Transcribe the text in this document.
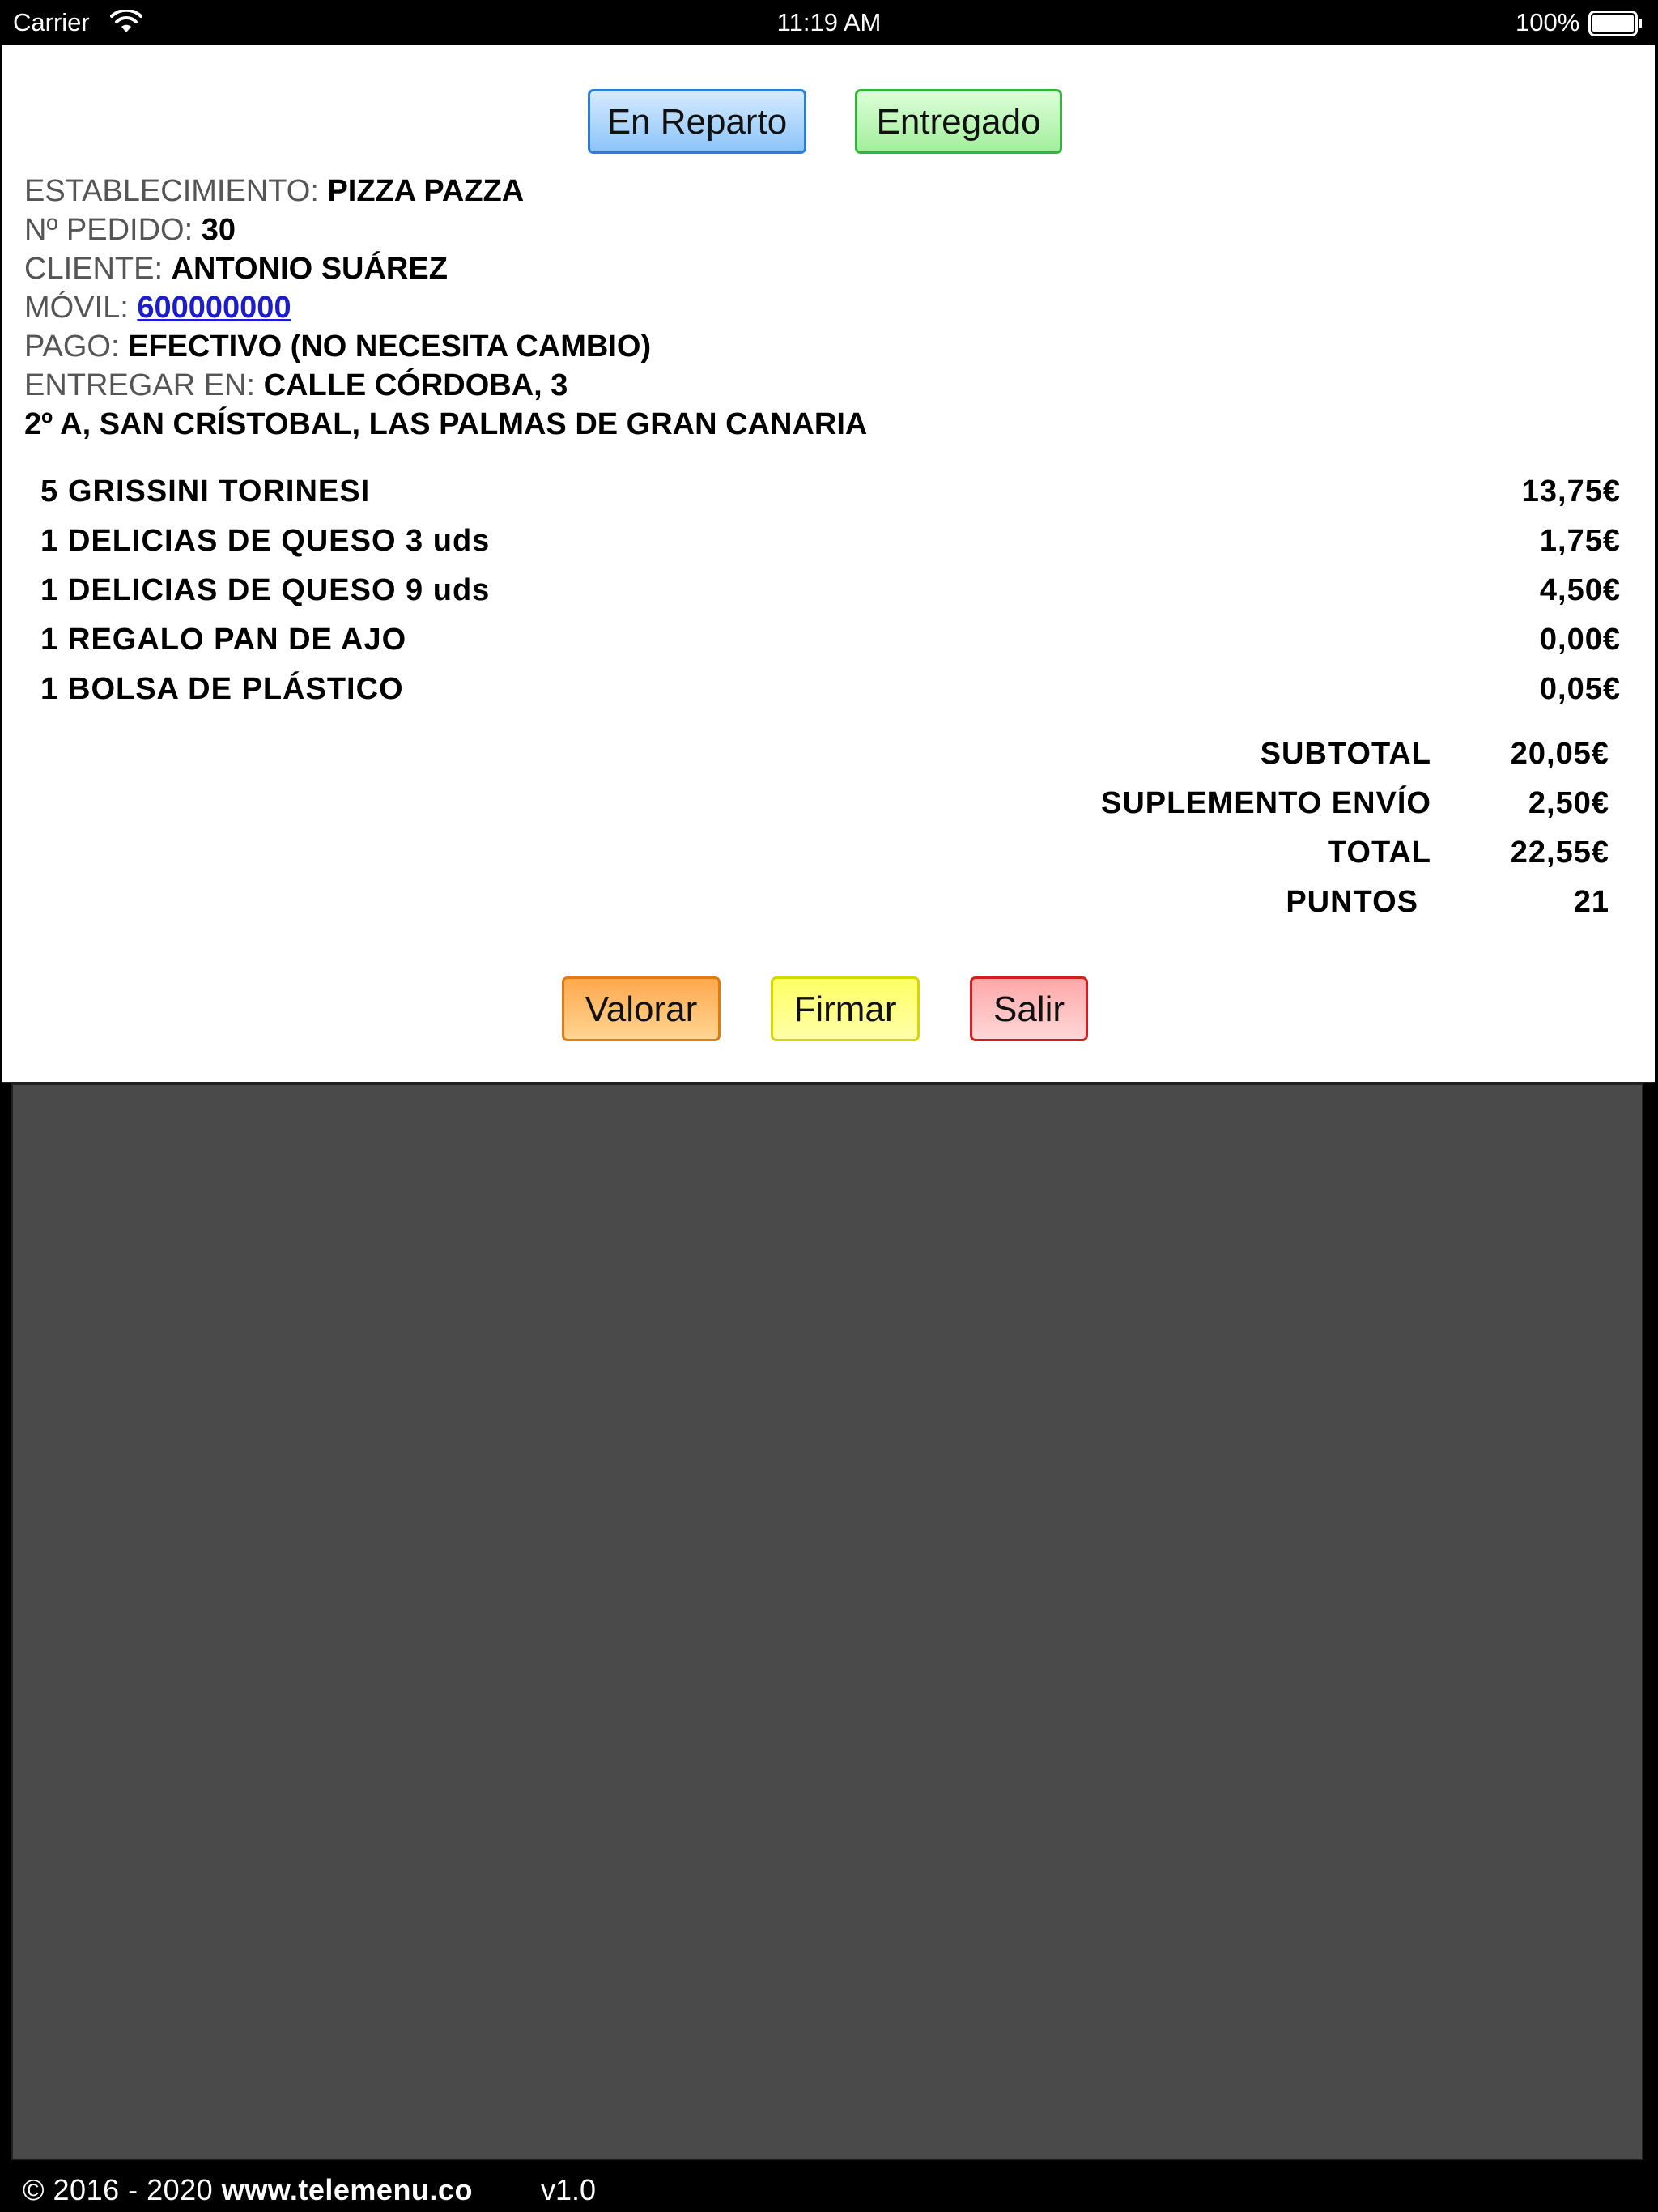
Carrier	11:19 AM	100%
En Reparto	Entregado
ESTABLECIMIENTO: PIZZA PAZZA
Nº PEDIDO: 30
CLIENTE: ANTONIO SUÁREZ
MÓVIL: 600000000
PAGO: EFECTIVO (NO NECESITA CAMBIO)
ENTREGAR EN: CALLE CÓRDOBA, 3
2º A, SAN CRÍSTOBAL, LAS PALMAS DE GRAN CANARIA
5 GRISSINI TORINESI	13,75€
1 DELICIAS DE QUESO 3 uds	1,75€
1 DELICIAS DE QUESO 9 uds	4,50€
1 REGALO PAN DE AJO	0,00€
1 BOLSA DE PLÁSTICO	0,05€
SUBTOTAL	20,05€
SUPLEMENTO ENVÍO	2,50€
TOTAL	22,55€
PUNTOS	21
Valorar	Firmar	Salir
© 2016 - 2020 www.telemenu.co v1.0
